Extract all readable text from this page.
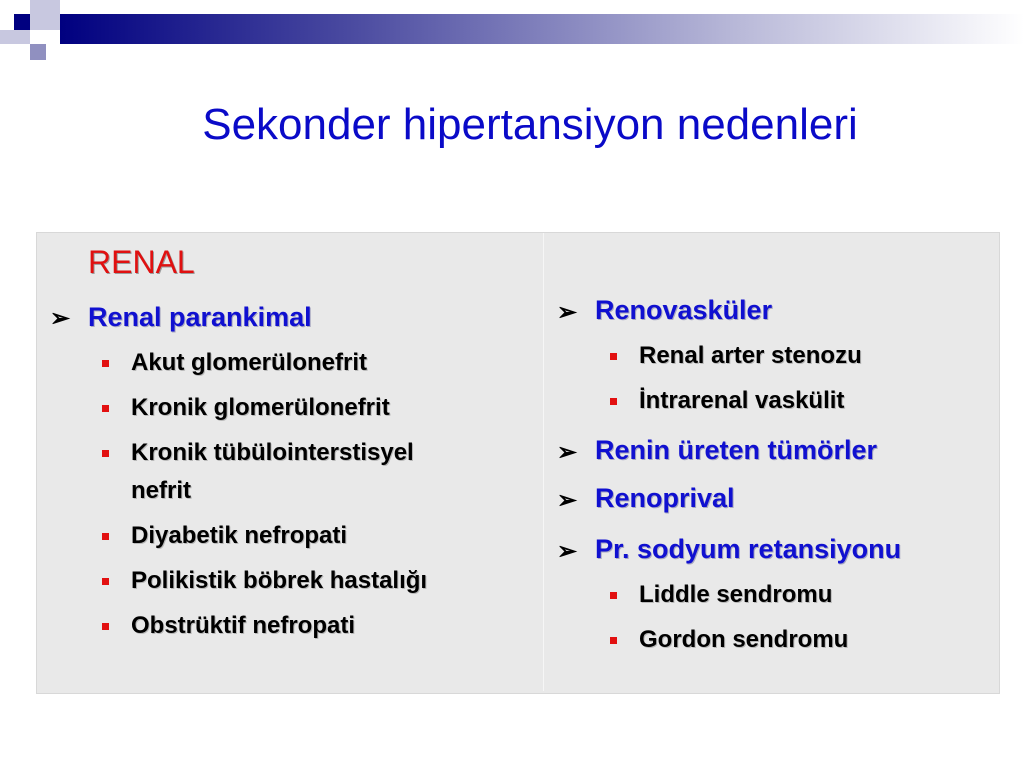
Sekonder hipertansiyon nedenleri
RENAL
➢ Renal parankimal
Akut glomerülonefrit
Kronik glomerülonefrit
Kronik tübülointerstisyel
nefrit
Diyabetik nefropati
Polikistik böbrek hastalığı
Obstrüktif nefropati
➢ Renovasküler
Renal arter stenozu
İntrarenal vaskülit
➢ Renin üreten tümörler
➢ Renoprival
➢ Pr. sodyum retansiyonu
Liddle sendromu
Gordon sendromu
